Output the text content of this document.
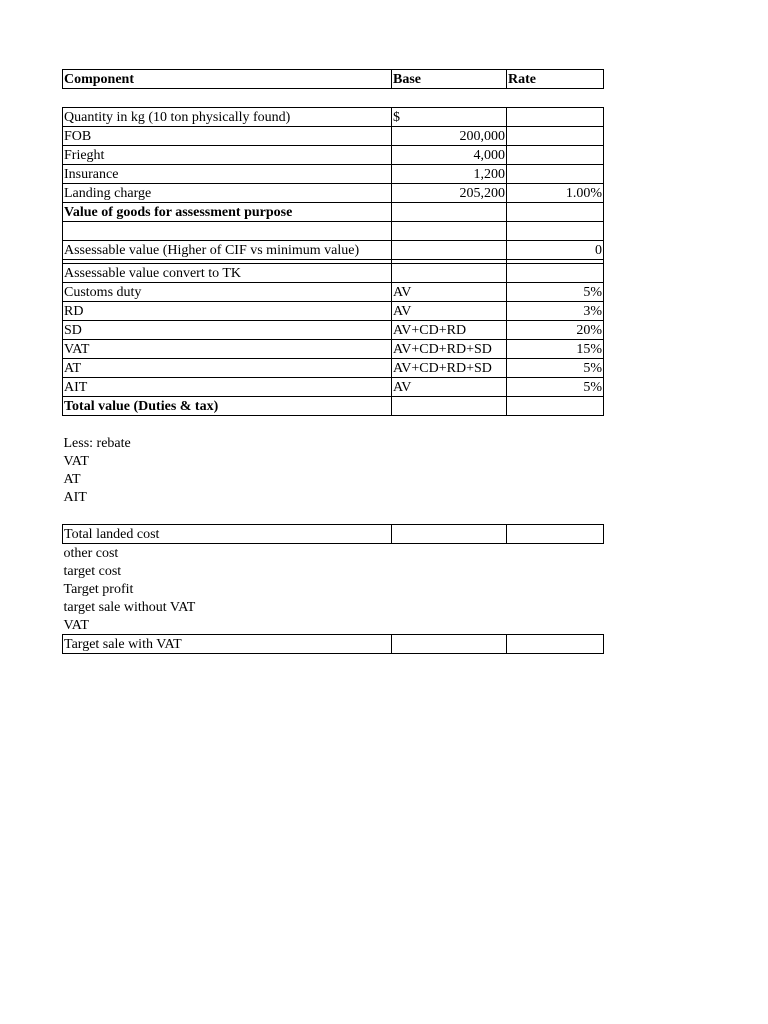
Component	Base	Rate

Quantity in kg (10 ton physically found)	$	
FOB	200,000	
Frieght	4,000	
Insurance	1,200	
Landing charge	205,200	1.00%
Value of goods for assessment purpose		

Assessable value (Higher of CIF vs minimum value)		0

Assessable value convert to TK		
Customs duty	AV	5%
RD	AV	3%
SD	AV+CD+RD	20%
VAT	AV+CD+RD+SD	15%
AT	AV+CD+RD+SD	5%
AIT	AV	5%
Total value (Duties & tax)		

Less: rebate		
VAT		
AT		
AIT		

Total landed cost		
other cost		
target cost		
Target profit		
target sale without VAT		
VAT		
Target sale with VAT		
